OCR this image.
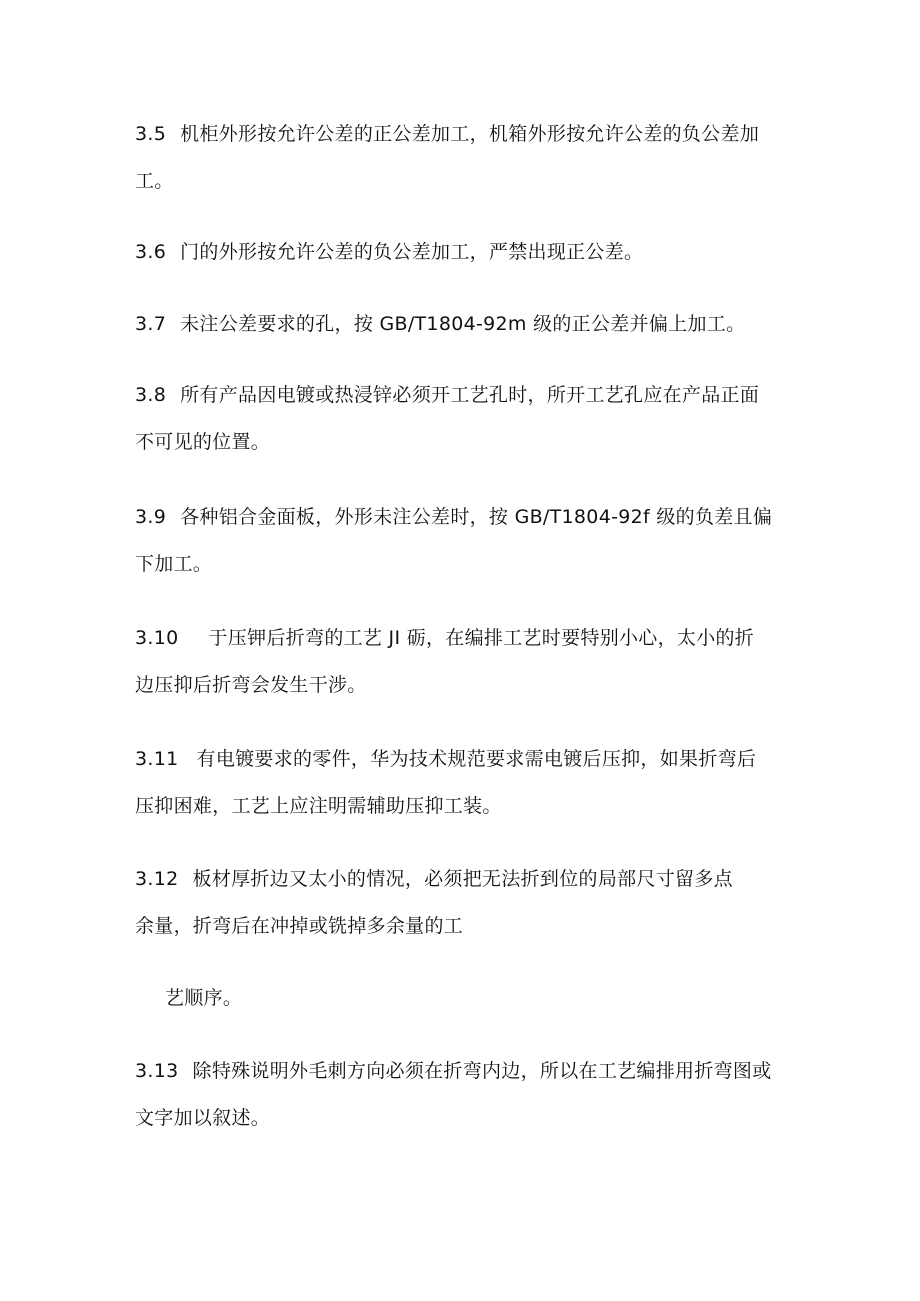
3.5 机柜外形按允许公差的正公差加工，机箱外形按允许公差的负公差加
工。
3.6 门的外形按允许公差的负公差加工，严禁出现正公差。
3.7 未注公差要求的孔，按 GB/T1804-92m 级的正公差并偏上加工。
3.8 所有产品因电镀或热浸锌必须开工艺孔时，所开工艺孔应在产品正面
不可见的位置。
3.9 各种铝合金面板，外形未注公差时，按 GB/T1804-92f 级的负差且偏
下加工。
3.10 于压钾后折弯的工艺 JI 砺，在编排工艺时要特别小心，太小的折
边压抑后折弯会发生干涉。
3.11 有电镀要求的零件，华为技术规范要求需电镀后压抑，如果折弯后
压抑困难，工艺上应注明需辅助压抑工装。
3.12 板材厚折边又太小的情况，必须把无法折到位的局部尺寸留多点
余量，折弯后在冲掉或铣掉多余量的工
艺顺序。
3.13 除特殊说明外毛刺方向必须在折弯内边，所以在工艺编排用折弯图或
文字加以叙述。
